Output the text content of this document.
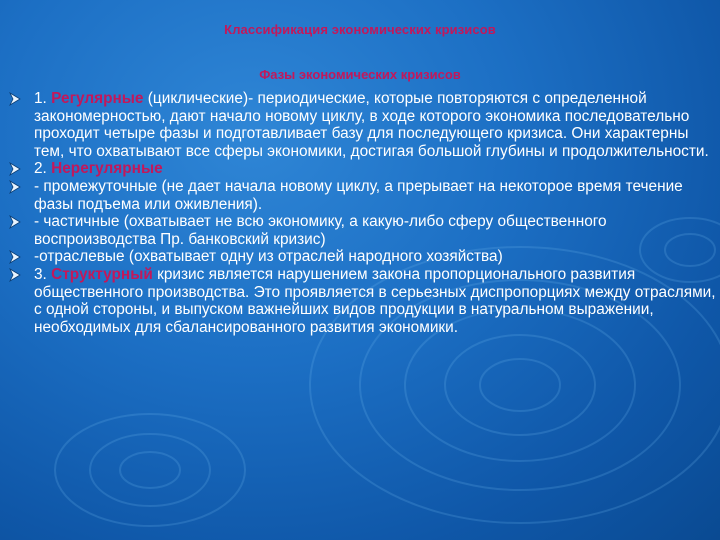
Классификация экономических кризисов
Фазы экономических кризисов
1. Регулярные (циклические)- периодические, которые повторяются с определенной закономерностью, дают начало новому циклу, в ходе которого экономика последовательно проходит четыре фазы и подготавливает базу для последующего кризиса. Они характерны тем, что охватывают все сферы экономики, достигая большой глубины и продолжительности.
2. Нерегулярные
- промежуточные (не дает начала новому циклу, а прерывает на некоторое время течение фазы подъема или оживления).
- частичные (охватывает не всю экономику, а какую-либо сферу общественного воспроизводства Пр. банковский кризис)
-отраслевые (охватывает одну из отраслей народного хозяйства)
3. Структурный кризис является нарушением закона пропорционального развития общественного производства. Это проявляется в серьезных диспропорциях между отраслями, с одной стороны, и выпуском важнейших видов продукции в натуральном выражении, необходимых для сбалансированного развития экономики.
